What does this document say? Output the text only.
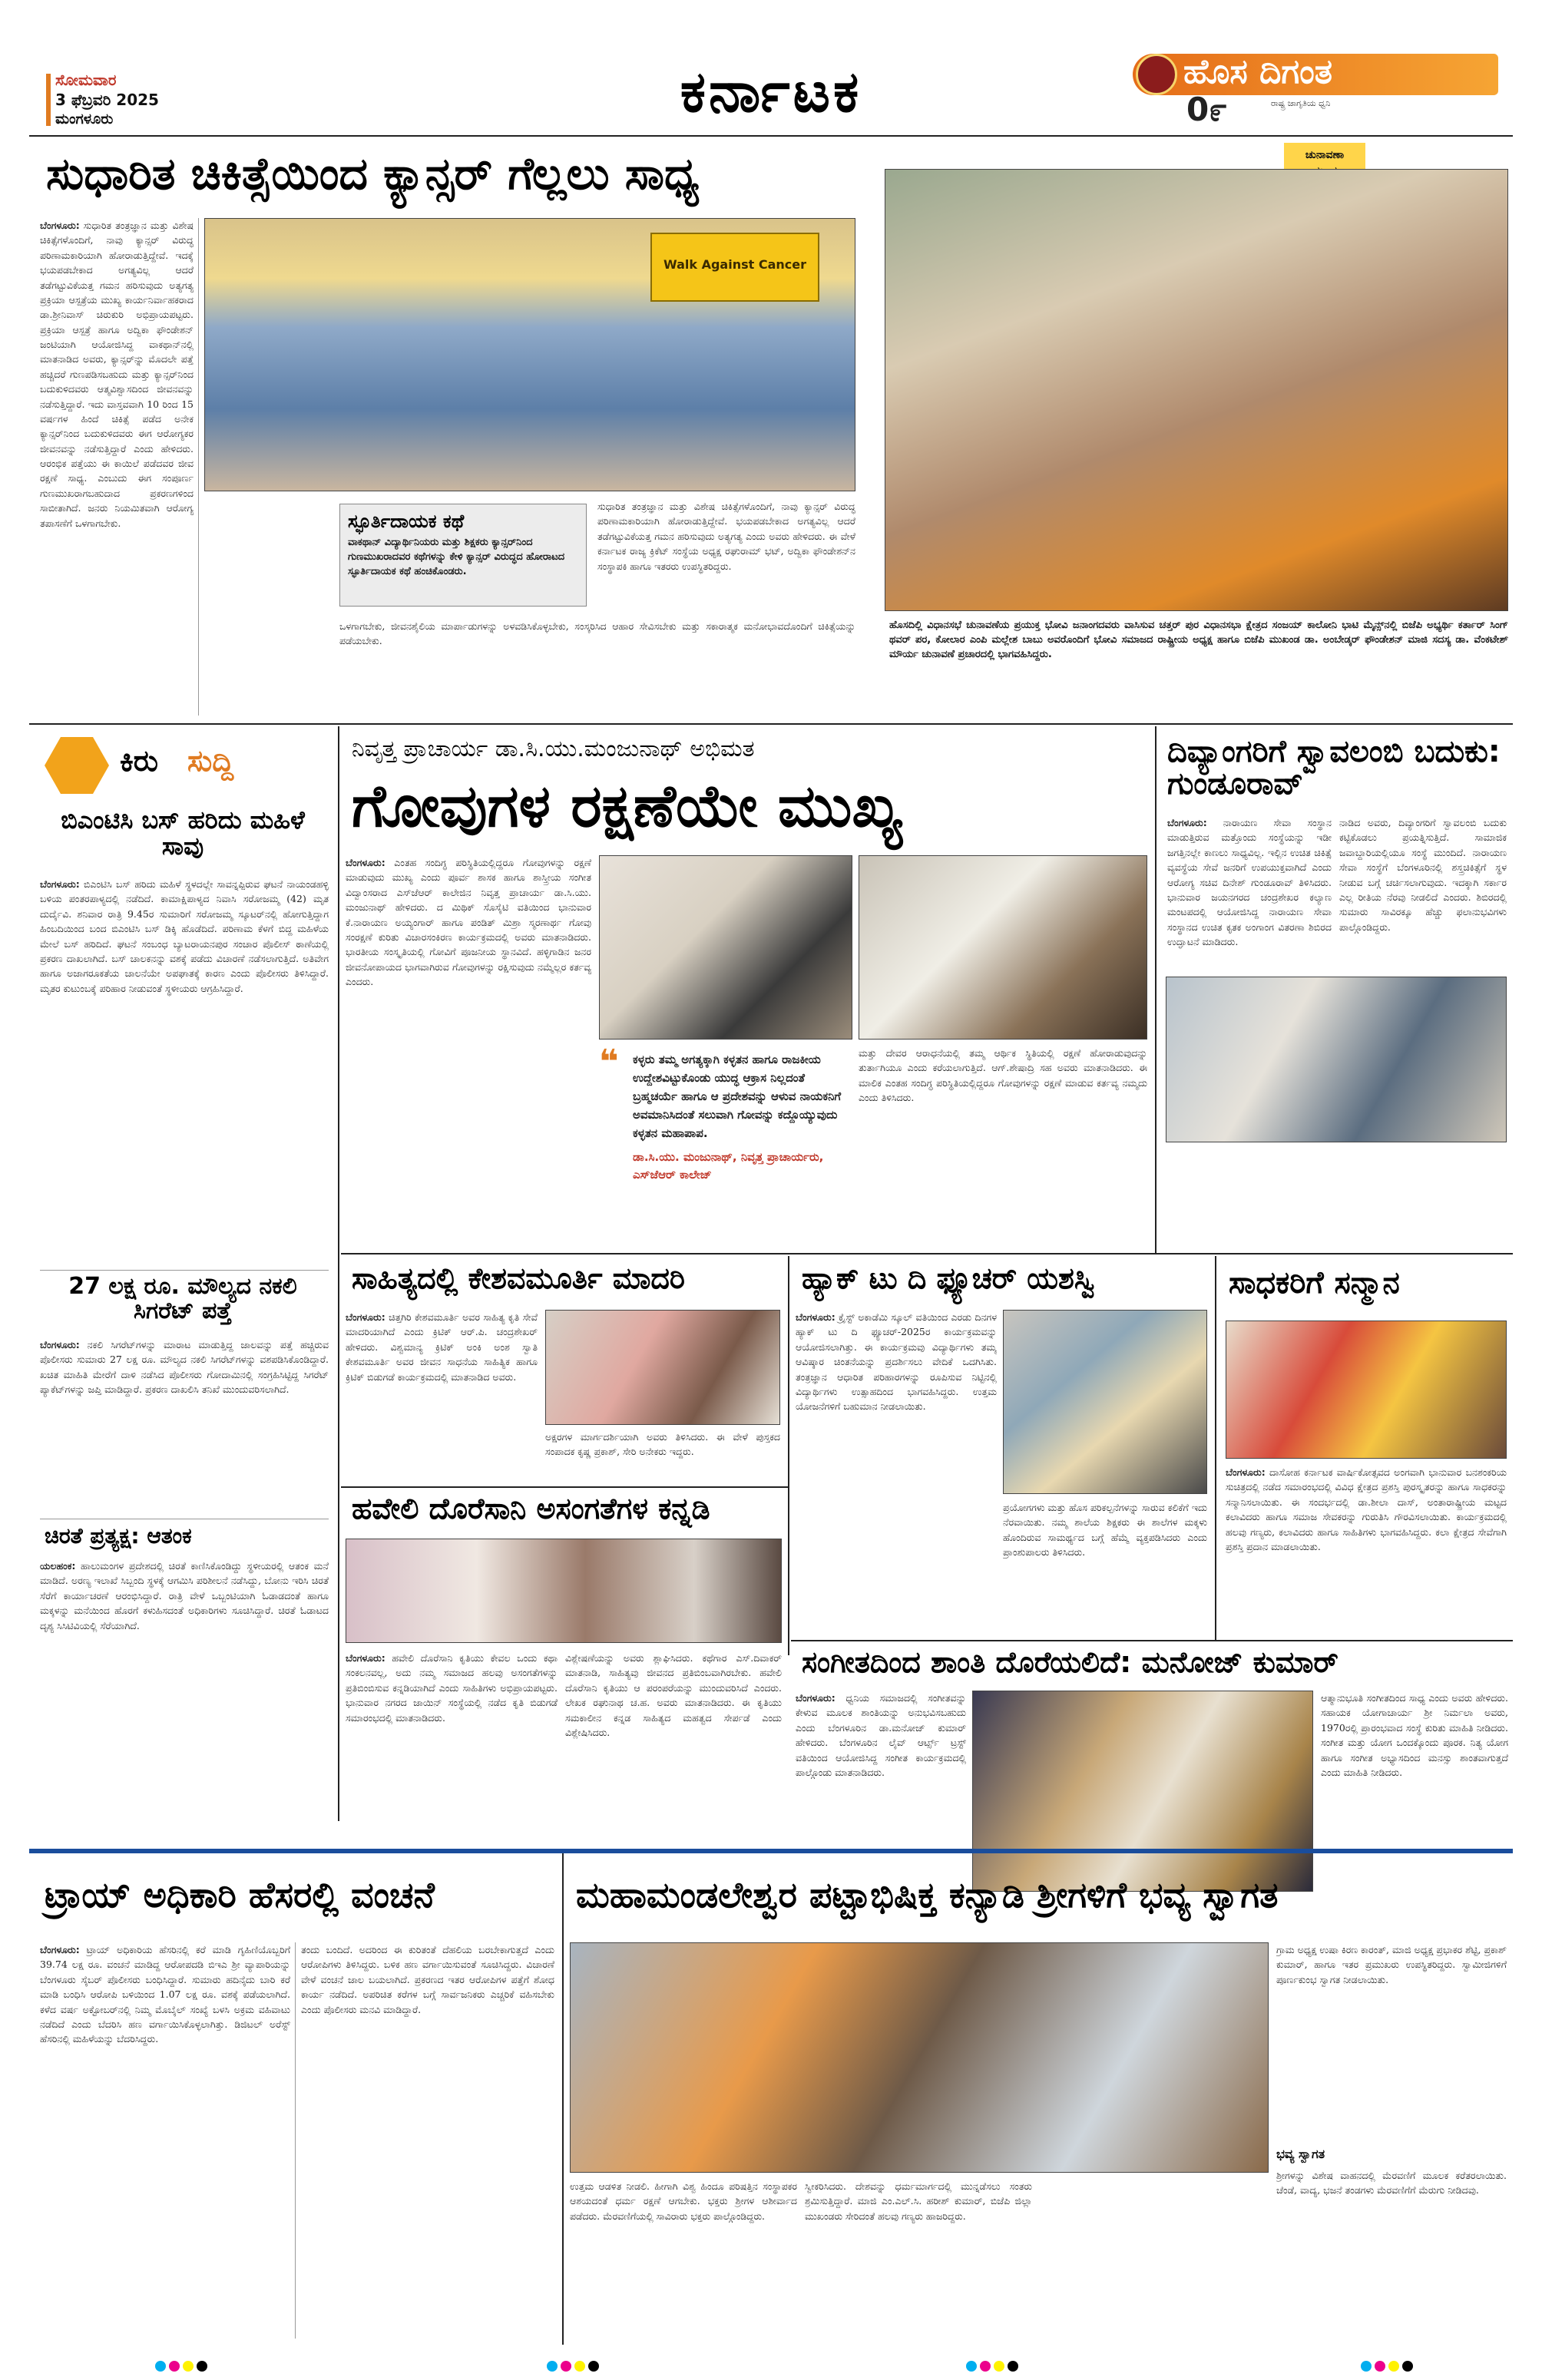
ಸೋಮವಾರ
3 ಫೆಬ್ರವರಿ 2025
ಮಂಗಳೂರು	ಕರ್ನಾಟಕ	ಹೊಸ ದಿಗಂತ
ರಾಷ್ಟ್ರ ಜಾಗೃತಿಯ ಧ್ವನಿ
0೯
ಸುಧಾರಿತ ಚಿಕಿತ್ಸೆಯಿಂದ ಕ್ಯಾನ್ಸರ್ ಗೆಲ್ಲಲು ಸಾಧ್ಯ
ಬೆಂಗಳೂರು: ಸುಧಾರಿತ ತಂತ್ರಜ್ಞಾನ ಮತ್ತು ವಿಶೇಷ ಚಿಕಿತ್ಸೆಗಳೊಂದಿಗೆ, ನಾವು ಕ್ಯಾನ್ಸರ್ ವಿರುದ್ಧ ಪರಿಣಾಮಕಾರಿಯಾಗಿ ಹೋರಾಡುತ್ತಿದ್ದೇವೆ. ಇದಕ್ಕೆ ಭಯಪಡಬೇಕಾದ ಅಗತ್ಯವಿಲ್ಲ ಆದರೆ ತಡೆಗಟ್ಟುವಿಕೆಯತ್ತ ಗಮನ ಹರಿಸುವುದು ಅತ್ಯಗತ್ಯ ಪ್ರಕ್ರಿಯಾ ಆಸ್ಪತ್ರೆಯ ಮುಖ್ಯ ಕಾರ್ಯನಿರ್ವಾಹಕರಾದ ಡಾ.ಶ್ರೀನಿವಾಸ್ ಚಿರುಕುರಿ ಅಭಿಪ್ರಾಯಪಟ್ಟರು. ಪ್ರಕ್ರಿಯಾ ಆಸ್ಪತ್ರೆ ಹಾಗೂ ಅದ್ವಿಕಾ ಫೌಂಡೇಶನ್ ಜಂಟಿಯಾಗಿ ಆಯೋಜಿಸಿದ್ದ ವಾಕಥಾನ್‌ನಲ್ಲಿ ಮಾತನಾಡಿದ ಅವರು, ಕ್ಯಾನ್ಸರ್‌ನ್ನು ಮೊದಲೇ ಪತ್ತೆ ಹಚ್ಚಿದರೆ ಗುಣಪಡಿಸಬಹುದು ಮತ್ತು ಕ್ಯಾನ್ಸರ್‌ನಿಂದ ಬದುಕುಳಿದವರು ಆತ್ಮವಿಶ್ವಾಸದಿಂದ ಜೀವನವನ್ನು ನಡೆಸುತ್ತಿದ್ದಾರೆ. ಇದು ವಾಸ್ತವವಾಗಿ 10 ರಿಂದ 15 ವರ್ಷಗಳ ಹಿಂದೆ ಚಿಕಿತ್ಸೆ ಪಡೆದ ಅನೇಕ ಕ್ಯಾನ್ಸರ್‌ನಿಂದ ಬದುಕುಳಿದವರು ಈಗ ಆರೋಗ್ಯಕರ ಜೀವನವನ್ನು ನಡೆಸುತ್ತಿದ್ದಾರೆ ಎಂದು ಹೇಳಿದರು. ಆರಂಭಿಕ ಪತ್ತೆಯು ಈ ಕಾಯಿಲೆ ಪಡೆದವರ ಜೀವ ರಕ್ಷಣೆ ಸಾಧ್ಯ. ಎಂಬುದು ಈಗ ಸಂಪೂರ್ಣ ಗುಣಮುಖರಾಗಬಹುದಾದ ಪ್ರಕರಣಗಳಿಂದ ಸಾಬೀತಾಗಿದೆ. ಜನರು ನಿಯಮಿತವಾಗಿ ಆರೋಗ್ಯ ತಪಾಸಣೆಗೆ ಒಳಗಾಗಬೇಕು.
Walk Against Cancer
ಸ್ಫೂರ್ತಿದಾಯಕ ಕಥೆ
ವಾಕಥಾನ್ ವಿದ್ಯಾರ್ಥಿನಿಯರು ಮತ್ತು ಶಿಕ್ಷಕರು ಕ್ಯಾನ್ಸರ್‌ನಿಂದ ಗುಣಮುಖರಾದವರ ಕಥೆಗಳನ್ನು ಕೇಳಿ ಕ್ಯಾನ್ಸರ್ ವಿರುದ್ಧದ ಹೋರಾಟದ ಸ್ಫೂರ್ತಿದಾಯಕ ಕಥೆ ಹಂಚಿಕೊಂಡರು.
ಸುಧಾರಿತ ತಂತ್ರಜ್ಞಾನ ಮತ್ತು ವಿಶೇಷ ಚಿಕಿತ್ಸೆಗಳೊಂದಿಗೆ, ನಾವು ಕ್ಯಾನ್ಸರ್ ವಿರುದ್ಧ ಪರಿಣಾಮಕಾರಿಯಾಗಿ ಹೋರಾಡುತ್ತಿದ್ದೇವೆ. ಭಯಪಡಬೇಕಾದ ಅಗತ್ಯವಿಲ್ಲ ಆದರೆ ತಡೆಗಟ್ಟುವಿಕೆಯತ್ತ ಗಮನ ಹರಿಸುವುದು ಅತ್ಯಗತ್ಯ ಎಂದು ಅವರು ಹೇಳಿದರು. ಈ ವೇಳೆ ಕರ್ನಾಟಕ ರಾಜ್ಯ ಕ್ರಿಕೆಟ್ ಸಂಸ್ಥೆಯ ಅಧ್ಯಕ್ಷ ರಘುರಾಮ್ ಭಟ್, ಅದ್ವಿಕಾ ಫೌಂಡೇಶನ್‌ನ ಸಂಸ್ಥಾಪಕಿ ಹಾಗೂ ಇತರರು ಉಪಸ್ಥಿತರಿದ್ದರು.
ಒಳಗಾಗಬೇಕು, ಜೀವನಶೈಲಿಯ ಮಾರ್ಪಾಡುಗಳನ್ನು ಅಳವಡಿಸಿಕೊಳ್ಳಬೇಕು, ಸಂಸ್ಕರಿಸಿದ ಆಹಾರ ಸೇವಿಸಬೇಕು ಮತ್ತು ಸಕಾರಾತ್ಮಕ ಮನೋಭಾವದೊಂದಿಗೆ ಚಿಕಿತ್ಸೆಯನ್ನು ಪಡೆಯಬೇಕು.
ಚುನಾವಣಾ
ಹೊಸದಿಲ್ಲಿ ವಿಧಾನಸಭೆ ಚುನಾವಣೆಯ ಪ್ರಯುಕ್ತ ಭೋವಿ ಜನಾಂಗದವರು ವಾಸಿಸುವ ಚತ್ತರ್ ಪುರ ವಿಧಾನಸಭಾ ಕ್ಷೇತ್ರದ ಸಂಜಯ್ ಕಾಲೋನಿ ಭಾಟಿ ಮೈನ್ಸ್‌ನಲ್ಲಿ ಬಿಜೆಪಿ ಅಭ್ಯರ್ಥಿ ಕರ್ತಾರ್ ಸಿಂಗ್ ಥವರ್ ಪರ, ಕೋಲಾರ ಎಂಪಿ ಮಲ್ಲೇಶ ಬಾಬು ಅವರೊಂದಿಗೆ ಭೋವಿ ಸಮಾಜದ ರಾಷ್ಟ್ರೀಯ ಅಧ್ಯಕ್ಷ ಹಾಗೂ ಬಿಜೆಪಿ ಮುಖಂಡ ಡಾ. ಅಂಬೇಡ್ಕರ್ ಫೌಂಡೇಶನ್ ಮಾಜಿ ಸದಸ್ಯ ಡಾ. ವೆಂಕಟೇಶ್ ಮೌರ್ಯ ಚುನಾವಣೆ ಪ್ರಚಾರದಲ್ಲಿ ಭಾಗವಹಿಸಿದ್ದರು.
ಕಿರು ಸುದ್ದಿ
ಬಿಎಂಟಿಸಿ ಬಸ್ ಹರಿದು ಮಹಿಳೆ ಸಾವು
ಬೆಂಗಳೂರು: ಬಿಎಂಟಿಸಿ ಬಸ್ ಹರಿದು ಮಹಿಳೆ ಸ್ಥಳದಲ್ಲೇ ಸಾವನ್ನಪ್ಪಿರುವ ಘಟನೆ ನಾಯಂಡಹಳ್ಳಿ ಬಳಿಯ ಪಂತರಪಾಳ್ಯದಲ್ಲಿ ನಡೆದಿದೆ. ಕಾಮಾಕ್ಷಿಪಾಳ್ಯದ ನಿವಾಸಿ ಸರೋಜಮ್ಮ (42) ಮೃತ ದುರ್ದೈವಿ. ಶನಿವಾರ ರಾತ್ರಿ 9.45ರ ಸುಮಾರಿಗೆ ಸರೋಜಮ್ಮ ಸ್ಕೂಟರ್‌ನಲ್ಲಿ ಹೋಗುತ್ತಿದ್ದಾಗ ಹಿಂಬದಿಯಿಂದ ಬಂದ ಬಿಎಂಟಿಸಿ ಬಸ್ ಡಿಕ್ಕಿ ಹೊಡೆದಿದೆ. ಪರಿಣಾಮ ಕೆಳಗೆ ಬಿದ್ದ ಮಹಿಳೆಯ ಮೇಲೆ ಬಸ್ ಹರಿದಿದೆ. ಘಟನೆ ಸಂಬಂಧ ಬ್ಯಾಟರಾಯನಪುರ ಸಂಚಾರ ಪೊಲೀಸ್ ಠಾಣೆಯಲ್ಲಿ ಪ್ರಕರಣ ದಾಖಲಾಗಿದೆ. ಬಸ್ ಚಾಲಕನನ್ನು ವಶಕ್ಕೆ ಪಡೆದು ವಿಚಾರಣೆ ನಡೆಸಲಾಗುತ್ತಿದೆ. ಅತಿವೇಗ ಹಾಗೂ ಅಜಾಗರೂಕತೆಯ ಚಾಲನೆಯೇ ಅಪಘಾತಕ್ಕೆ ಕಾರಣ ಎಂದು ಪೊಲೀಸರು ತಿಳಿಸಿದ್ದಾರೆ. ಮೃತರ ಕುಟುಂಬಕ್ಕೆ ಪರಿಹಾರ ನೀಡುವಂತೆ ಸ್ಥಳೀಯರು ಆಗ್ರಹಿಸಿದ್ದಾರೆ.
27 ಲಕ್ಷ ರೂ. ಮೌಲ್ಯದ ನಕಲಿ ಸಿಗರೆಟ್ ಪತ್ತೆ
ಬೆಂಗಳೂರು: ನಕಲಿ ಸಿಗರೆಟ್‌ಗಳನ್ನು ಮಾರಾಟ ಮಾಡುತ್ತಿದ್ದ ಜಾಲವನ್ನು ಪತ್ತೆ ಹಚ್ಚಿರುವ ಪೊಲೀಸರು ಸುಮಾರು 27 ಲಕ್ಷ ರೂ. ಮೌಲ್ಯದ ನಕಲಿ ಸಿಗರೆಟ್‌ಗಳನ್ನು ವಶಪಡಿಸಿಕೊಂಡಿದ್ದಾರೆ. ಖಚಿತ ಮಾಹಿತಿ ಮೇರೆಗೆ ದಾಳಿ ನಡೆಸಿದ ಪೊಲೀಸರು ಗೋದಾಮಿನಲ್ಲಿ ಸಂಗ್ರಹಿಸಿಟ್ಟಿದ್ದ ಸಿಗರೆಟ್ ಪ್ಯಾಕೆಟ್‌ಗಳನ್ನು ಜಪ್ತಿ ಮಾಡಿದ್ದಾರೆ. ಪ್ರಕರಣ ದಾಖಲಿಸಿ ತನಿಖೆ ಮುಂದುವರಿಸಲಾಗಿದೆ.
ಚಿರತೆ ಪ್ರತ್ಯಕ್ಷ: ಆತಂಕ
ಯಲಹಂಕ: ಹಾಲುಮಂಗಳ ಪ್ರದೇಶದಲ್ಲಿ ಚಿರತೆ ಕಾಣಿಸಿಕೊಂಡಿದ್ದು ಸ್ಥಳೀಯರಲ್ಲಿ ಆತಂಕ ಮನೆ ಮಾಡಿದೆ. ಅರಣ್ಯ ಇಲಾಖೆ ಸಿಬ್ಬಂದಿ ಸ್ಥಳಕ್ಕೆ ಆಗಮಿಸಿ ಪರಿಶೀಲನೆ ನಡೆಸಿದ್ದು, ಬೋನು ಇರಿಸಿ ಚಿರತೆ ಸೆರೆಗೆ ಕಾರ್ಯಾಚರಣೆ ಆರಂಭಿಸಿದ್ದಾರೆ. ರಾತ್ರಿ ವೇಳೆ ಒಬ್ಬಂಟಿಯಾಗಿ ಓಡಾಡದಂತೆ ಹಾಗೂ ಮಕ್ಕಳನ್ನು ಮನೆಯಿಂದ ಹೊರಗೆ ಕಳುಹಿಸದಂತೆ ಅಧಿಕಾರಿಗಳು ಸೂಚಿಸಿದ್ದಾರೆ. ಚಿರತೆ ಓಡಾಟದ ದೃಶ್ಯ ಸಿಸಿಟಿವಿಯಲ್ಲಿ ಸೆರೆಯಾಗಿದೆ.
ನಿವೃತ್ತ ಪ್ರಾಚಾರ್ಯ ಡಾ.ಸಿ.ಯು.ಮಂಜುನಾಥ್ ಅಭಿಮತ
ಗೋವುಗಳ ರಕ್ಷಣೆಯೇ ಮುಖ್ಯ
ಬೆಂಗಳೂರು: ಎಂತಹ ಸಂದಿಗ್ಧ ಪರಿಸ್ಥಿತಿಯಲ್ಲಿದ್ದರೂ ಗೋವುಗಳನ್ನು ರಕ್ಷಣೆ ಮಾಡುವುದು ಮುಖ್ಯ ಎಂದು ಪೂರ್ವ ಶಾಸಕ ಹಾಗೂ ಶಾಸ್ತ್ರೀಯ ಸಂಗೀತ ವಿದ್ವಾಂಸರಾದ ಎಸ್‌ಜೆಆರ್ ಕಾಲೇಜಿನ ನಿವೃತ್ತ ಪ್ರಾಚಾರ್ಯ ಡಾ.ಸಿ.ಯು. ಮಂಜುನಾಥ್ ಹೇಳಿದರು. ದ ಮಿಥಿಕ್ ಸೊಸೈಟಿ ವತಿಯಿಂದ ಭಾನುವಾರ ಕೆ.ನಾರಾಯಣ ಅಯ್ಯಂಗಾರ್ ಹಾಗೂ ಪಂಡಿತ್ ಮಿಶ್ರಾ ಸ್ಮರಣಾರ್ಥ ಗೋವು ಸಂರಕ್ಷಣೆ ಕುರಿತು ವಿಚಾರಸಂಕಿರಣ ಕಾರ್ಯಕ್ರಮದಲ್ಲಿ ಅವರು ಮಾತನಾಡಿದರು. ಭಾರತೀಯ ಸಂಸ್ಕೃತಿಯಲ್ಲಿ ಗೋವಿಗೆ ಪೂಜನೀಯ ಸ್ಥಾನವಿದೆ. ಹಳ್ಳಿಗಾಡಿನ ಜನರ ಜೀವನೋಪಾಯದ ಭಾಗವಾಗಿರುವ ಗೋವುಗಳನ್ನು ರಕ್ಷಿಸುವುದು ನಮ್ಮೆಲ್ಲರ ಕರ್ತವ್ಯ ಎಂದರು.
❝ ಕಳ್ಳರು ತಮ್ಮ ಅಗತ್ಯಕ್ಕಾಗಿ ಕಳ್ಳತನ ಹಾಗೂ ರಾಜಕೀಯ ಉದ್ದೇಶವಿಟ್ಟುಕೊಂಡು ಯುದ್ಧ ಆಕ್ರಾಸ ನಿಲ್ಲದಂತೆ ಬ್ರಹ್ಮಚರ್ಯೆ ಹಾಗೂ ಆ ಪ್ರದೇಶವನ್ನು ಆಳುವ ನಾಯಕನಿಗೆ ಅವಮಾನಿಸಿದಂತೆ ಸಲುವಾಗಿ ಗೋವನ್ನು ಕದ್ದೊಯ್ಯುವುದು ಕಳ್ಳತನ ಮಹಾಪಾಪ.
ಡಾ.ಸಿ.ಯು. ಮಂಜುನಾಥ್, ನಿವೃತ್ತ ಪ್ರಾಚಾರ್ಯರು, ಎಸ್‌ಜೆಆರ್ ಕಾಲೇಜ್
ಮತ್ತು ದೇವರ ಆರಾಧನೆಯಲ್ಲಿ ತಮ್ಮ ಆರ್ಥಿಕ ಸ್ಥಿತಿಯಲ್ಲಿ ರಕ್ಷಣೆ ಹೋರಾಡುವುದನ್ನು ತುರ್ತಾಗಿಯೂ ಎಂದು ಕರೆಯಲಾಗುತ್ತಿದೆ. ಆಗ್‌.ಶೇಷಾದ್ರಿ ಸಹ ಅವರು ಮಾತನಾಡಿದರು. ಈ ಮಾಲಿಕ ಎಂತಹ ಸಂದಿಗ್ಧ ಪರಿಸ್ಥಿತಿಯಲ್ಲಿದ್ದರೂ ಗೋವುಗಳನ್ನು ರಕ್ಷಣೆ ಮಾಡುವ ಕರ್ತವ್ಯ ನಮ್ಮದು ಎಂದು ತಿಳಿಸಿದರು.
ದಿವ್ಯಾಂಗರಿಗೆ ಸ್ವಾವಲಂಬಿ ಬದುಕು: ಗುಂಡೂರಾವ್
ಬೆಂಗಳೂರು: ನಾರಾಯಣ ಸೇವಾ ಸಂಸ್ಥಾನ ಮಾಡುತ್ತಿರುವ ಮತ್ತೊಂದು ಸಂಸ್ಥೆಯನ್ನು ಇಡೀ ಜಗತ್ತಿನಲ್ಲೇ ಕಾಣಲು ಸಾಧ್ಯವಿಲ್ಲ. ಇಲ್ಲಿನ ಉಚಿತ ಚಿಕಿತ್ಸೆ ವ್ಯವಸ್ಥೆಯ ಸೇವೆ ಜನರಿಗೆ ಉಪಯುಕ್ತವಾಗಿದೆ ಎಂದು ಆರೋಗ್ಯ ಸಚಿವ ದಿನೇಶ್ ಗುಂಡೂರಾವ್ ತಿಳಿಸಿದರು. ಭಾನುವಾರ ಜಯನಗರದ ಚಂದ್ರಶೇಖರ ಕಲ್ಯಾಣ ಮಂಟಪದಲ್ಲಿ ಆಯೋಜಿಸಿದ್ದ ನಾರಾಯಣ ಸೇವಾ ಸಂಸ್ಥಾನದ ಉಚಿತ ಕೃತಕ ಅಂಗಾಂಗ ವಿತರಣಾ ಶಿಬಿರದ ಉದ್ಘಾಟನೆ ಮಾಡಿದರು.
ನಾಡಿದ ಅವರು, ದಿವ್ಯಾಂಗರಿಗೆ ಸ್ವಾವಲಂಬಿ ಬದುಕು ಕಟ್ಟಿಕೊಡಲು ಪ್ರಯತ್ನಿಸುತ್ತಿದೆ. ಸಾಮಾಜಿಕ ಜವಾಬ್ದಾರಿಯಲ್ಲಿಯೂ ಸಂಸ್ಥೆ ಮುಂದಿದೆ. ನಾರಾಯಣ ಸೇವಾ ಸಂಸ್ಥೆಗೆ ಬೆಂಗಳೂರಿನಲ್ಲಿ ಶಸ್ತ್ರಚಿಕಿತ್ಸೆಗೆ ಸ್ಥಳ ನೀಡುವ ಬಗ್ಗೆ ಚರ್ಚಿಸಲಾಗುವುದು. ಇದಕ್ಕಾಗಿ ಸರ್ಕಾರ ಎಲ್ಲ ರೀತಿಯ ನೆರವು ನೀಡಲಿದೆ ಎಂದರು. ಶಿಬಿರದಲ್ಲಿ ಸುಮಾರು ಸಾವಿರಕ್ಕೂ ಹೆಚ್ಚು ಫಲಾನುಭವಿಗಳು ಪಾಲ್ಗೊಂಡಿದ್ದರು.
ಸಾಹಿತ್ಯದಲ್ಲಿ ಕೇಶವಮೂರ್ತಿ ಮಾದರಿ
ಬೆಂಗಳೂರು: ಚಿತ್ತಗಿರಿ ಕೇಶವಮೂರ್ತಿ ಅವರ ಸಾಹಿತ್ಯ ಕೃತಿ ಸೇವೆ ಮಾದರಿಯಾಗಿದೆ ಎಂದು ಕ್ರಿಟಿಕ್ ಆರ್.ಪಿ. ಚಂದ್ರಶೇಖರ್ ಹೇಳಿದರು. ವಿಶ್ವಮಾನ್ಯ ಕ್ರಿಟಿಕ್ ಅಂಕಿ ಅಂಶ ಸ್ವಾತಿ ಕೇಶವಮೂರ್ತಿ ಅವರ ಜೀವನ ಸಾಧನೆಯ ಸಾಹಿತ್ಯಿಕ ಹಾಗೂ ಕ್ರಿಟಿಕ್ ಬಿಡುಗಡೆ ಕಾರ್ಯಕ್ರಮದಲ್ಲಿ ಮಾತನಾಡಿದ ಅವರು.
ಅಕ್ಷರಗಳ ಮಾರ್ಗದರ್ಶಿಯಾಗಿ ಅವರು ತಿಳಿಸಿದರು. ಈ ವೇಳೆ ಪುಸ್ತಕದ ಸಂಪಾದಕ ಕೃಷ್ಣ ಪ್ರಕಾಶ್, ಸೇರಿ ಅನೇಕರು ಇದ್ದರು.
ಹ್ಯಾಕ್ ಟು ದಿ ಫ್ಯೂಚರ್ ಯಶಸ್ವಿ
ಬೆಂಗಳೂರು: ಕ್ರೈಸ್ಟ್ ಅಕಾಡೆಮಿ ಸ್ಕೂಲ್ ವತಿಯಿಂದ ಎರಡು ದಿನಗಳ ಹ್ಯಾಕ್ ಟು ದಿ ಫ್ಯೂಚರ್-2025ರ ಕಾರ್ಯಕ್ರಮವನ್ನು ಆಯೋಜಿಸಲಾಗಿತ್ತು. ಈ ಕಾರ್ಯಕ್ರಮವು ವಿದ್ಯಾರ್ಥಿಗಳು ತಮ್ಮ ಆವಿಷ್ಕಾರ ಚಿಂತನೆಯನ್ನು ಪ್ರದರ್ಶಿಸಲು ವೇದಿಕೆ ಒದಗಿಸಿತು. ತಂತ್ರಜ್ಞಾನ ಆಧಾರಿತ ಪರಿಹಾರಗಳನ್ನು ರೂಪಿಸುವ ನಿಟ್ಟಿನಲ್ಲಿ ವಿದ್ಯಾರ್ಥಿಗಳು ಉತ್ಸಾಹದಿಂದ ಭಾಗವಹಿಸಿದ್ದರು. ಉತ್ತಮ ಯೋಜನೆಗಳಿಗೆ ಬಹುಮಾನ ನೀಡಲಾಯಿತು.
ಪ್ರಯೋಗಗಳು ಮತ್ತು ಹೊಸ ಪರಿಕಲ್ಪನೆಗಳನ್ನು ಸಾರುವ ಕಲಿಕೆಗೆ ಇದು ನೆರವಾಯಿತು. ನಮ್ಮ ಶಾಲೆಯ ಶಿಕ್ಷಕರು ಈ ಶಾಲೆಗಳ ಮಕ್ಕಳು ಹೊಂದಿರುವ ಸಾಮರ್ಥ್ಯದ ಬಗ್ಗೆ ಹೆಮ್ಮೆ ವ್ಯಕ್ತಪಡಿಸಿದರು ಎಂದು ಪ್ರಾಂಶುಪಾಲರು ತಿಳಿಸಿದರು.
ಸಾಧಕರಿಗೆ ಸನ್ಮಾನ
ಬೆಂಗಳೂರು: ದಾಸೋಹ ಕರ್ನಾಟಕ ವಾರ್ಷಿಕೋತ್ಸವದ ಅಂಗವಾಗಿ ಭಾನುವಾರ ಬನಶಂಕರಿಯ ಸುಚಿತ್ರದಲ್ಲಿ ನಡೆದ ಸಮಾರಂಭದಲ್ಲಿ ವಿವಿಧ ಕ್ಷೇತ್ರದ ಪ್ರಶಸ್ತಿ ಪುರಸ್ಕೃತರನ್ನು ಹಾಗೂ ಸಾಧಕರನ್ನು ಸನ್ಮಾನಿಸಲಾಯಿತು. ಈ ಸಂದರ್ಭದಲ್ಲಿ ಡಾ.ಶೀಲಾ ದಾಸ್, ಅಂತಾರಾಷ್ಟ್ರೀಯ ಮಟ್ಟದ ಕಲಾವಿದರು ಹಾಗೂ ಸಮಾಜ ಸೇವಕರನ್ನು ಗುರುತಿಸಿ ಗೌರವಿಸಲಾಯಿತು. ಕಾರ್ಯಕ್ರಮದಲ್ಲಿ ಹಲವು ಗಣ್ಯರು, ಕಲಾವಿದರು ಹಾಗೂ ಸಾಹಿತಿಗಳು ಭಾಗವಹಿಸಿದ್ದರು. ಕಲಾ ಕ್ಷೇತ್ರದ ಸೇವೆಗಾಗಿ ಪ್ರಶಸ್ತಿ ಪ್ರದಾನ ಮಾಡಲಾಯಿತು.
ಹವೇಲಿ ದೊರೆಸಾನಿ ಅಸಂಗತೆಗಳ ಕನ್ನಡಿ
ಬೆಂಗಳೂರು: ಹವೇಲಿ ದೊರೆಸಾನಿ ಕೃತಿಯು ಕೇವಲ ಒಂದು ಕಥಾ ಸಂಕಲನವಲ್ಲ, ಅದು ನಮ್ಮ ಸಮಾಜದ ಹಲವು ಅಸಂಗತೆಗಳನ್ನು ಪ್ರತಿಬಿಂಬಿಸುವ ಕನ್ನಡಿಯಾಗಿದೆ ಎಂದು ಸಾಹಿತಿಗಳು ಅಭಿಪ್ರಾಯಪಟ್ಟರು. ಭಾನುವಾರ ನಗರದ ಜಾಯಿನ್ ಸಂಸ್ಥೆಯಲ್ಲಿ ನಡೆದ ಕೃತಿ ಬಿಡುಗಡೆ ಸಮಾರಂಭದಲ್ಲಿ ಮಾತನಾಡಿದರು.
ವಿಶ್ಲೇಷಣೆಯನ್ನು ಅವರು ಶ್ಲಾಘಿಸಿದರು. ಕಥೆಗಾರ ಎಸ್.ದಿವಾಕರ್ ಮಾತನಾಡಿ, ಸಾಹಿತ್ಯವು ಜೀವನದ ಪ್ರತಿಬಿಂಬವಾಗಿರಬೇಕು. ಹವೇಲಿ ದೊರೆಸಾನಿ ಕೃತಿಯು ಆ ಪರಂಪರೆಯನ್ನು ಮುಂದುವರಿಸಿದೆ ಎಂದರು. ಲೇಖಕ ರಘುನಾಥ ಚ.ಹ. ಅವರು ಮಾತನಾಡಿದರು. ಈ ಕೃತಿಯು ಸಮಕಾಲೀನ ಕನ್ನಡ ಸಾಹಿತ್ಯದ ಮಹತ್ವದ ಸೇರ್ಪಡೆ ಎಂದು ವಿಶ್ಲೇಷಿಸಿದರು.
ಸಂಗೀತದಿಂದ ಶಾಂತಿ ದೊರೆಯಲಿದೆ: ಮನೋಜ್ ಕುಮಾರ್
ಬೆಂಗಳೂರು: ಧ್ವನಿಯ ಸಮಾಜದಲ್ಲಿ ಸಂಗೀತವನ್ನು ಕೇಳುವ ಮೂಲಕ ಶಾಂತಿಯನ್ನು ಅನುಭವಿಸಬಹುದು ಎಂದು ಬೆಂಗಳೂರಿನ ಡಾ.ಮನೋಜ್ ಕುಮಾರ್ ಹೇಳಿದರು. ಬೆಂಗಳೂರಿನ ಲೈವ್ ಆರ್ಟ್ಸ್ ಟ್ರಸ್ಟ್ ವತಿಯಿಂದ ಆಯೋಜಿಸಿದ್ದ ಸಂಗೀತ ಕಾರ್ಯಕ್ರಮದಲ್ಲಿ ಪಾಲ್ಗೊಂಡು ಮಾತನಾಡಿದರು.
ಆತ್ಮಾನುಭೂತಿ ಸಂಗೀತದಿಂದ ಸಾಧ್ಯ ಎಂದು ಅವರು ಹೇಳಿದರು. ಸಹಾಯಕ ಯೋಗಾಚಾರ್ಯ ಶ್ರೀ ನಿರ್ಮಲಾ ಅವರು, 1970ರಲ್ಲಿ ಪ್ರಾರಂಭವಾದ ಸಂಸ್ಥೆ ಕುರಿತು ಮಾಹಿತಿ ನೀಡಿದರು. ಸಂಗೀತ ಮತ್ತು ಯೋಗ ಒಂದಕ್ಕೊಂದು ಪೂರಕ. ನಿತ್ಯ ಯೋಗ ಹಾಗೂ ಸಂಗೀತ ಅಭ್ಯಾಸದಿಂದ ಮನಸ್ಸು ಶಾಂತವಾಗುತ್ತದೆ ಎಂದು ಮಾಹಿತಿ ನೀಡಿದರು.
ಟ್ರಾಯ್ ಅಧಿಕಾರಿ ಹೆಸರಲ್ಲಿ ವಂಚನೆ
ಬೆಂಗಳೂರು: ಟ್ರಾಯ್ ಅಧಿಕಾರಿಯ ಹೆಸರಿನಲ್ಲಿ ಕರೆ ಮಾಡಿ ಗೃಹಿಣಿಯೊಬ್ಬರಿಗೆ 39.74 ಲಕ್ಷ ರೂ. ವಂಚನೆ ಮಾಡಿದ್ದ ಆರೋಪದಡಿ ಬಿಇಎ ಶ್ರೀ ವ್ಯಾಪಾರಿಯನ್ನು ಬೆಂಗಳೂರು ಸೈಬರ್ ಪೊಲೀಸರು ಬಂಧಿಸಿದ್ದಾರೆ. ಸುಮಾರು ಹದಿನೈದು ಬಾರಿ ಕರೆ ಮಾಡಿ ಬಂಧಿಸಿ ಆರೋಪಿ ಬಳಿಯಿಂದ 1.07 ಲಕ್ಷ ರೂ. ವಶಕ್ಕೆ ಪಡೆಯಲಾಗಿದೆ. ಕಳೆದ ವರ್ಷ ಅಕ್ಟೋಬರ್‌ನಲ್ಲಿ ನಿಮ್ಮ ಮೊಬೈಲ್ ಸಂಖ್ಯೆ ಬಳಸಿ ಅಕ್ರಮ ವಹಿವಾಟು ನಡೆದಿದೆ ಎಂದು ಬೆದರಿಸಿ ಹಣ ವರ್ಗಾಯಿಸಿಕೊಳ್ಳಲಾಗಿತ್ತು. ಡಿಜಿಟಲ್ ಅರೆಸ್ಟ್ ಹೆಸರಿನಲ್ಲಿ ಮಹಿಳೆಯನ್ನು ಬೆದರಿಸಿದ್ದರು.
ತಂದು ಬಂದಿದೆ. ಅದರಿಂದ ಈ ಕುರಿತಂತೆ ದೆಹಲಿಯ ಬರಬೇಕಾಗುತ್ತದೆ ಎಂದು ಆರೋಪಿಗಳು ತಿಳಿಸಿದ್ದರು. ಬಳಿಕ ಹಣ ವರ್ಗಾಯಿಸುವಂತೆ ಸೂಚಿಸಿದ್ದರು. ವಿಚಾರಣೆ ವೇಳೆ ವಂಚನೆ ಜಾಲ ಬಯಲಾಗಿದೆ. ಪ್ರಕರಣದ ಇತರ ಆರೋಪಿಗಳ ಪತ್ತೆಗೆ ಶೋಧ ಕಾರ್ಯ ನಡೆದಿದೆ. ಅಪರಿಚಿತ ಕರೆಗಳ ಬಗ್ಗೆ ಸಾರ್ವಜನಿಕರು ಎಚ್ಚರಿಕೆ ವಹಿಸಬೇಕು ಎಂದು ಪೊಲೀಸರು ಮನವಿ ಮಾಡಿದ್ದಾರೆ.
ಮಹಾಮಂಡಲೇಶ್ವರ ಪಟ್ಟಾಭಿಷಿಕ್ತ ಕನ್ಯಾಡಿ ಶ್ರೀಗಳಿಗೆ ಭವ್ಯ ಸ್ವಾಗತ
ಉತ್ತಮ ಆಡಳಿತ ನೀಡಲಿ. ಹೀಗಾಗಿ ವಿಶ್ವ ಹಿಂದೂ ಪರಿಷತ್ತಿನ ಸಂಸ್ಥಾಪಕರ ಆಶಯದಂತೆ ಧರ್ಮ ರಕ್ಷಣೆ ಆಗಬೇಕು. ಭಕ್ತರು ಶ್ರೀಗಳ ಆಶೀರ್ವಾದ ಪಡೆದರು. ಮೆರವಣಿಗೆಯಲ್ಲಿ ಸಾವಿರಾರು ಭಕ್ತರು ಪಾಲ್ಗೊಂಡಿದ್ದರು.
ಸ್ವೀಕರಿಸಿದರು. ದೇಶವನ್ನು ಧರ್ಮಮಾರ್ಗದಲ್ಲಿ ಮುನ್ನಡೆಸಲು ಸಂತರು ಶ್ರಮಿಸುತ್ತಿದ್ದಾರೆ. ಮಾಜಿ ಎಂ.ಎಲ್.ಸಿ. ಹರೀಶ್ ಕುಮಾರ್, ಬಿಜೆಪಿ ಜಿಲ್ಲಾ ಮುಖಂಡರು ಸೇರಿದಂತೆ ಹಲವು ಗಣ್ಯರು ಹಾಜರಿದ್ದರು.
ಗ್ರಾಮ ಅಧ್ಯಕ್ಷ ಉಷಾ ಕಿರಣ ಕಾರಂತ್, ಮಾಜಿ ಅಧ್ಯಕ್ಷ ಪ್ರಭಾಕರ ಶೆಟ್ಟಿ, ಪ್ರಕಾಶ್ ಕುಮಾರ್, ಹಾಗೂ ಇತರ ಪ್ರಮುಖರು ಉಪಸ್ಥಿತರಿದ್ದರು. ಸ್ವಾಮೀಜಿಗಳಿಗೆ ಪೂರ್ಣಕುಂಭ ಸ್ವಾಗತ ನೀಡಲಾಯಿತು.
ಭವ್ಯ ಸ್ವಾಗತ
ಶ್ರೀಗಳನ್ನು ವಿಶೇಷ ವಾಹನದಲ್ಲಿ ಮೆರವಣಿಗೆ ಮೂಲಕ ಕರೆತರಲಾಯಿತು. ಚೆಂಡೆ, ವಾದ್ಯ, ಭಜನೆ ತಂಡಗಳು ಮೆರವಣಿಗೆಗೆ ಮೆರುಗು ನೀಡಿದವು.
